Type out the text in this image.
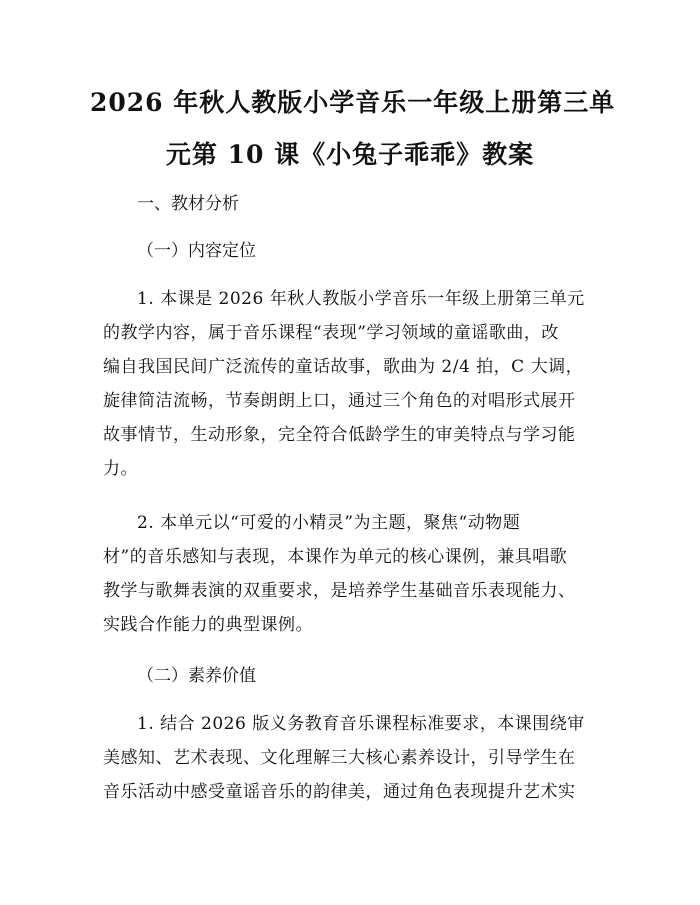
2026 年秋人教版小学音乐一年级上册第三单
元第 10 课《小兔子乖乖》教案
一、教材分析
（一）内容定位
1. 本课是 2026 年秋人教版小学音乐一年级上册第三单元
的教学内容，属于音乐课程“表现”学习领域的童谣歌曲，改
编自我国民间广泛流传的童话故事，歌曲为 2/4 拍，C 大调，
旋律简洁流畅，节奏朗朗上口，通过三个角色的对唱形式展开
故事情节，生动形象，完全符合低龄学生的审美特点与学习能
力。
2. 本单元以“可爱的小精灵”为主题，聚焦“动物题
材”的音乐感知与表现，本课作为单元的核心课例，兼具唱歌
教学与歌舞表演的双重要求，是培养学生基础音乐表现能力、
实践合作能力的典型课例。
（二）素养价值
1. 结合 2026 版义务教育音乐课程标准要求，本课围绕审
美感知、艺术表现、文化理解三大核心素养设计，引导学生在
音乐活动中感受童谣音乐的韵律美，通过角色表现提升艺术实
